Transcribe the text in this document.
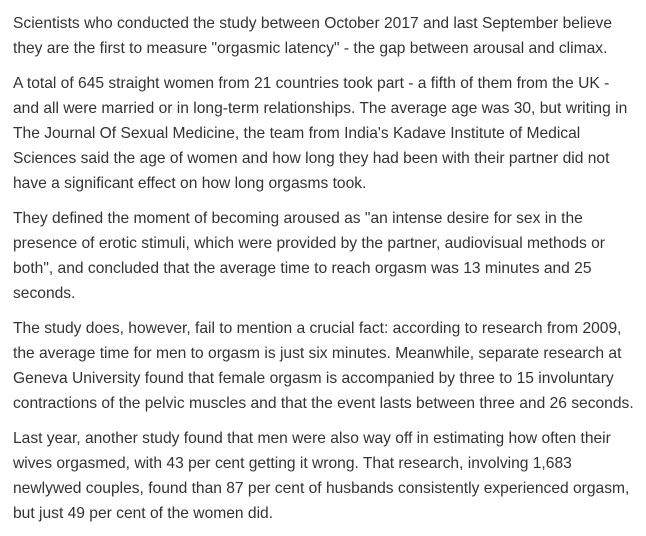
Scientists who conducted the study between October 2017 and last September believe they are the first to measure "orgasmic latency" - the gap between arousal and climax.

A total of 645 straight women from 21 countries took part - a fifth of them from the UK - and all were married or in long-term relationships. The average age was 30, but writing in The Journal Of Sexual Medicine, the team from India's Kadave Institute of Medical Sciences said the age of women and how long they had been with their partner did not have a significant effect on how long orgasms took.

They defined the moment of becoming aroused as "an intense desire for sex in the presence of erotic stimuli, which were provided by the partner, audiovisual methods or both", and concluded that the average time to reach orgasm was 13 minutes and 25 seconds.

The study does, however, fail to mention a crucial fact: according to research from 2009, the average time for men to orgasm is just six minutes. Meanwhile, separate research at Geneva University found that female orgasm is accompanied by three to 15 involuntary contractions of the pelvic muscles and that the event lasts between three and 26 seconds.

Last year, another study found that men were also way off in estimating how often their wives orgasmed, with 43 per cent getting it wrong. That research, involving 1,683 newlywed couples, found than 87 per cent of husbands consistently experienced orgasm, but just 49 per cent of the women did.
